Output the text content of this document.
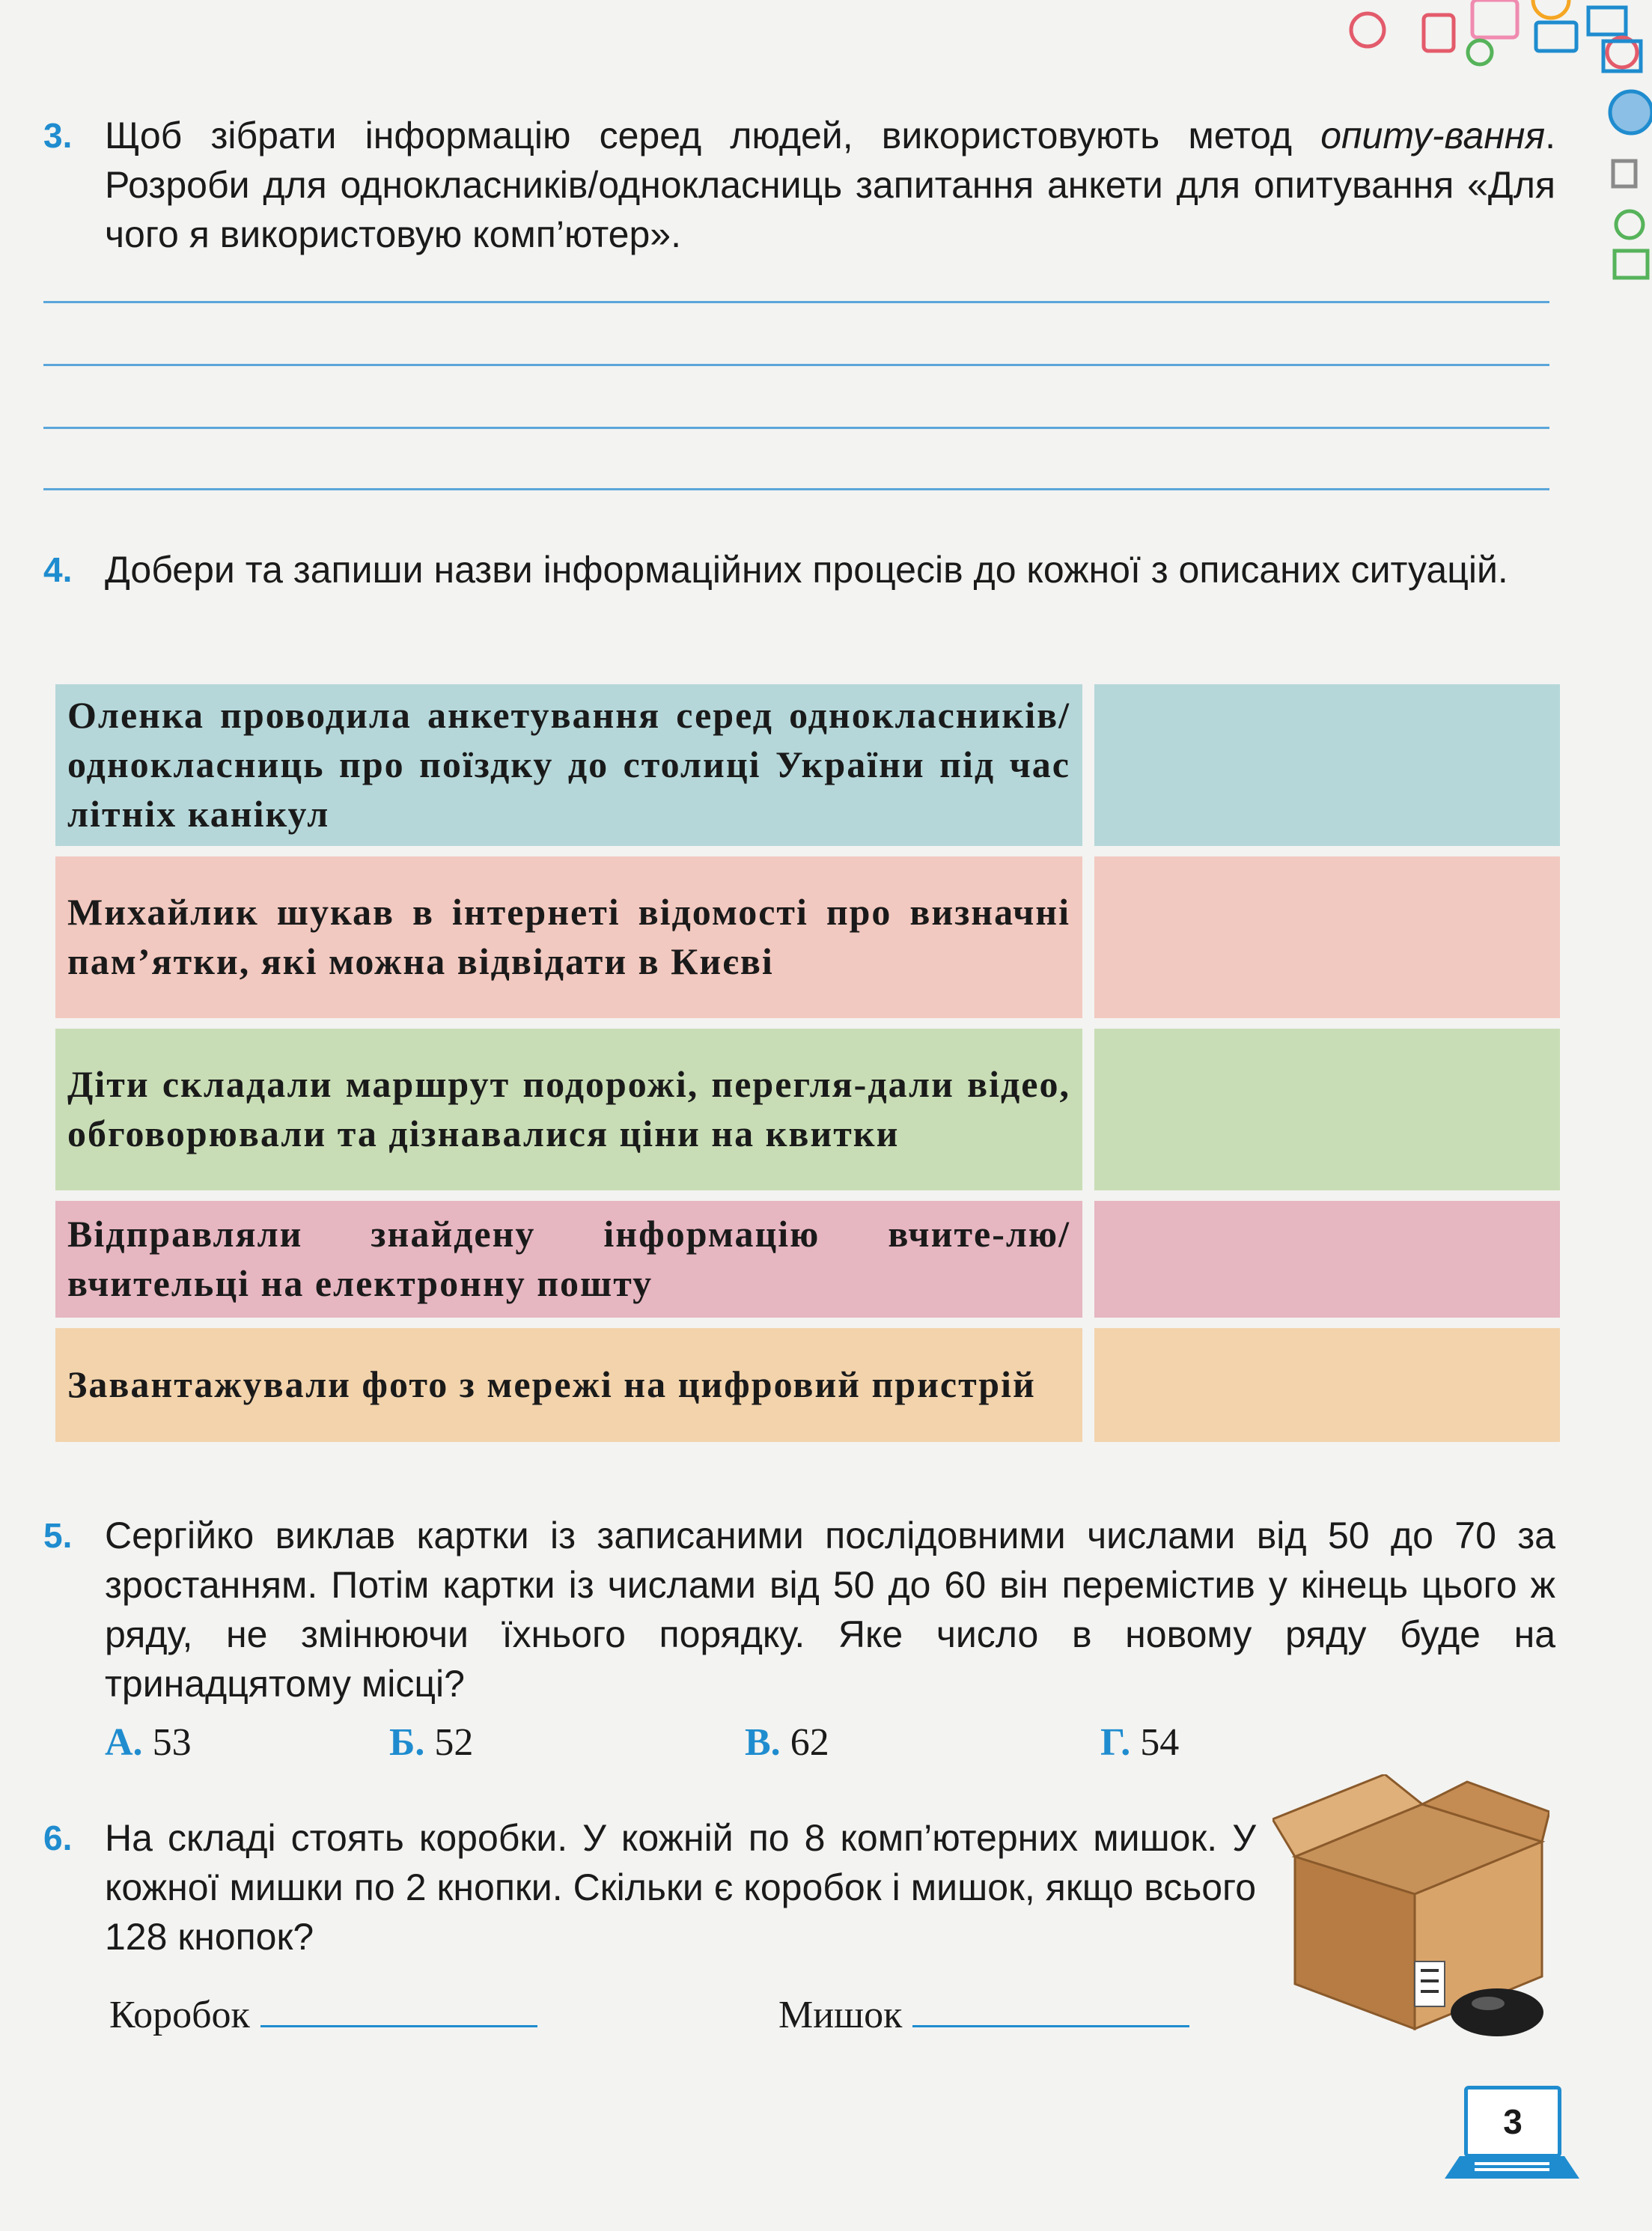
3. Щоб зібрати інформацію серед людей, використовують метод опиту-вання. Розроби для однокласників/однокласниць запитання анкети для опитування «Для чого я використовую комп’ютер».
4. Добери та запиши назви інформаційних процесів до кожної з описаних ситуацій.
Оленка проводила анкетування серед однокласників/однокласниць про поїздку до столиці України під час літніх канікул	
Михайлик шукав в інтернеті відомості про визначні пам’ятки, які можна відвідати в Києві	
Діти складали маршрут подорожі, перегля-дали відео, обговорювали та дізнавалися ціни на квитки	
Відправляли знайдену інформацію вчите-лю/вчительці на електронну пошту	
Завантажували фото з мережі на цифровий пристрій	
5. Сергійко виклав картки із записаними послідовними числами від 50 до 70 за зростанням. Потім картки із числами від 50 до 60 він перемістив у кінець цього ж ряду, не змінюючи їхнього порядку. Яке число в новому ряду буде на тринадцятому місці?
А. 53	Б. 52	В. 62	Г. 54
6. На складі стоять коробки. У кожній по 8 комп’ютерних мишок. У кожної мишки по 2 кнопки. Скільки є коробок і мишок, якщо всього 128 кнопок?
Коробок	Мишок
3
